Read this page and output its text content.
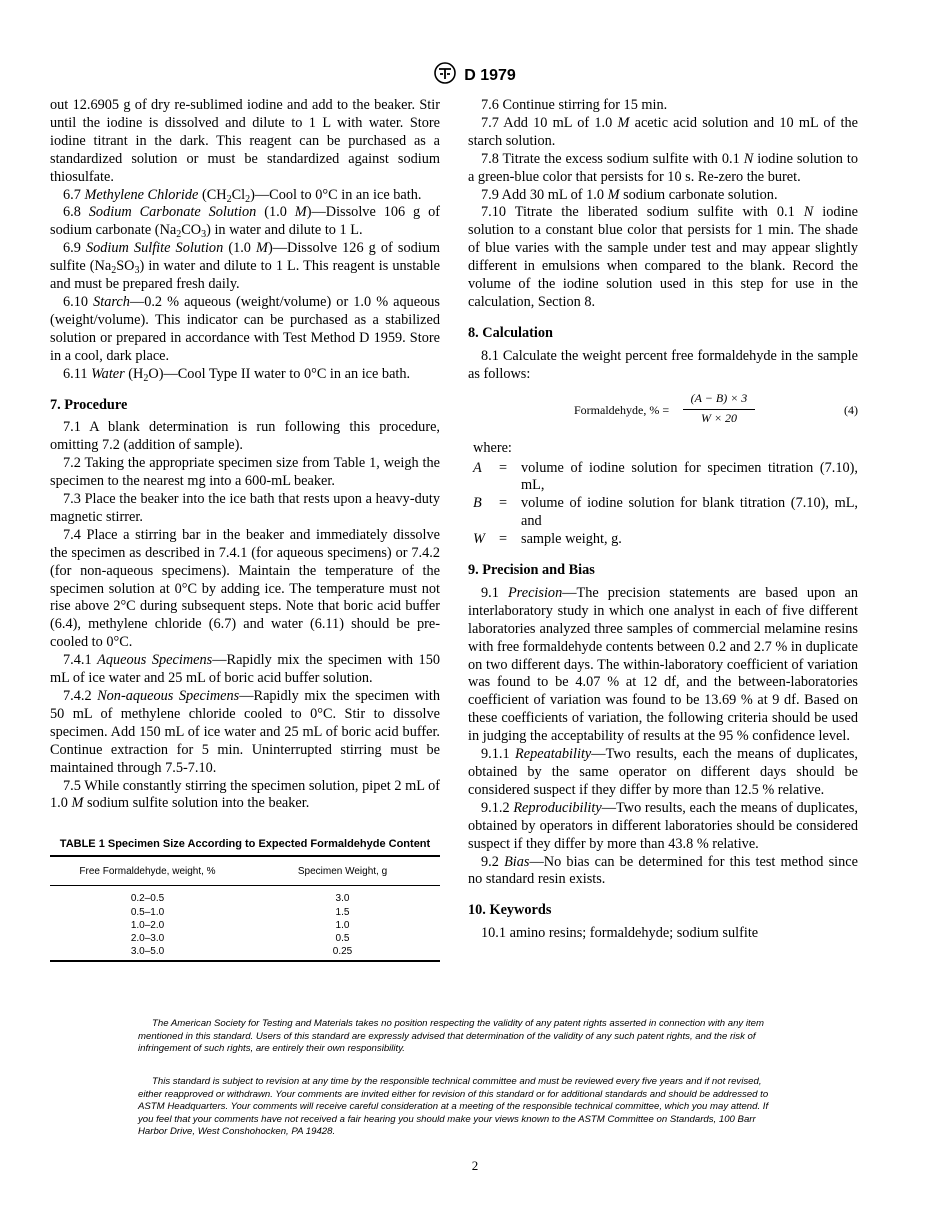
D 1979

out 12.6905 g of dry re-sublimed iodine and add to the beaker. Stir until the iodine is dissolved and dilute to 1 L with water. Store iodine titrant in the dark. This reagent can be purchased as a standardized solution or must be standardized against sodium thiosulfate.

6.7 Methylene Chloride $(CH_2Cl_2)—Cool$ to 0°C in an ice bath.

6.8 Sodium Carbonate Solution (1.0 M)—Dissolve 106 g of sodium carbonate $(Na_2CO_3)$ in water and dilute to 1 L.

6.9 Sodium Sulfite Solution (1.0 M)—Dissolve 126 g of sodium sulfite $(Na_2SO_3)$ in water and dilute to 1 L. This reagent is unstable and must be prepared fresh daily.

6.10 Starch—0.2 % aqueous (weight/volume) or 1.0 % aqueous (weight/volume). This indicator can be purchased as a stabilized solution or prepared in accordance with Test Method D 1959. Store in a cool, dark place.

6.11 Water $(H_2O)—Cool$ Type II water to 0°C in an ice bath.

7. Procedure

7.1 A blank determination is run following this procedure, omitting 7.2 (addition of sample).

7.2 Taking the appropriate specimen size from Table 1, weigh the specimen to the nearest mg into a 600-mL beaker.

7.3 Place the beaker into the ice bath that rests upon a heavy-duty magnetic stirrer.

7.4 Place a stirring bar in the beaker and immediately dissolve the specimen as described in 7.4.1 (for aqueous specimens) or 7.4.2 (for non-aqueous specimens). Maintain the temperature of the specimen solution at 0°C by adding ice. The temperature must not rise above 2°C during subsequent steps. Note that boric acid buffer (6.4), methylene chloride (6.7) and water (6.11) should be pre-cooled to 0°C.

7.4.1 Aqueous Specimens—Rapidly mix the specimen with 150 mL of ice water and 25 mL of boric acid buffer solution.

7.4.2 Non-aqueous Specimens—Rapidly mix the specimen with 50 mL of methylene chloride cooled to 0°C. Stir to dissolve specimen. Add 150 mL of ice water and 25 mL of boric acid buffer. Continue extraction for 5 min. Uninterrupted stirring must be maintained through 7.5-7.10.

7.5 While constantly stirring the specimen solution, pipet 2 mL of 1.0 M sodium sulfite solution into the beaker.

TABLE 1 Specimen Size According to Expected Formaldehyde Content
Free Formaldehyde, weight, %	Specimen Weight, g
0.2–0.5	3.0
0.5–1.0	1.5
1.0–2.0	1.0
2.0–3.0	0.5
3.0–5.0	0.25

7.6 Continue stirring for 15 min.

7.7 Add 10 mL of 1.0 M acetic acid solution and 10 mL of the starch solution.

7.8 Titrate the excess sodium sulfite with 0.1 N iodine solution to a green-blue color that persists for 10 s. Re-zero the buret.

7.9 Add 30 mL of 1.0 M sodium carbonate solution.

7.10 Titrate the liberated sodium sulfite with 0.1 N iodine solution to a constant blue color that persists for 1 min. The shade of blue varies with the sample under test and may appear slightly different in emulsions when compared to the blank. Record the volume of the iodine solution used in this step for use in the calculation, Section 8.

8. Calculation

8.1 Calculate the weight percent free formaldehyde in the sample as follows:

Formaldehyde, % = $\frac{(A - B) \times 3}{W \times 20}$	(4)
where:
A	= volume of iodine solution for specimen titration (7.10), mL,
B	= volume of iodine solution for blank titration (7.10), mL, and
W = sample weight, g.
9. Precision and Bias

9.1 Precision—The precision statements are based upon an interlaboratory study in which one analyst in each of five different laboratories analyzed three samples of commercial melamine resins with free formaldehyde contents between 0.2 and 2.7 % in duplicate on two different days. The within-laboratory coefficient of variation was found to be 4.07 % at 12 df, and the between-laboratories coefficient of variation was found to be 13.69 % at 9 df. Based on these coefficients of variation, the following criteria should be used in judging the acceptability of results at the 95 % confidence level.

9.1.1 Repeatability—Two results, each the means of duplicates, obtained by the same operator on different days should be considered suspect if they differ by more than 12.5 % relative.

9.1.2 Reproducibility—Two results, each the means of duplicates, obtained by operators in different laboratories should be considered suspect if they differ by more than 43.8 % relative.

9.2 Bias—No bias can be determined for this test method since no standard resin exists.

10. Keywords

10.1 amino resins; formaldehyde; sodium sulfite

The American Society for Testing and Materials takes no position respecting the validity of any patent rights asserted in connection with any item mentioned in this standard. Users of this standard are expressly advised that determination of the validity of any such patent rights, and the risk of infringement of such rights, are entirely their own responsibility.

This standard is subject to revision at any time by the responsible technical committee and must be reviewed every five years and if not revised, either reapproved or withdrawn. Your comments are invited either for revision of this standard or for additional standards and should be addressed to ASTM Headquarters. Your comments will receive careful consideration at a meeting of the responsible technical committee, which you may attend. If you feel that your comments have not received a fair hearing you should make your views known to the ASTM Committee on Standards, 100 Barr Harbor Drive, West Conshohocken, PA 19428.

2
